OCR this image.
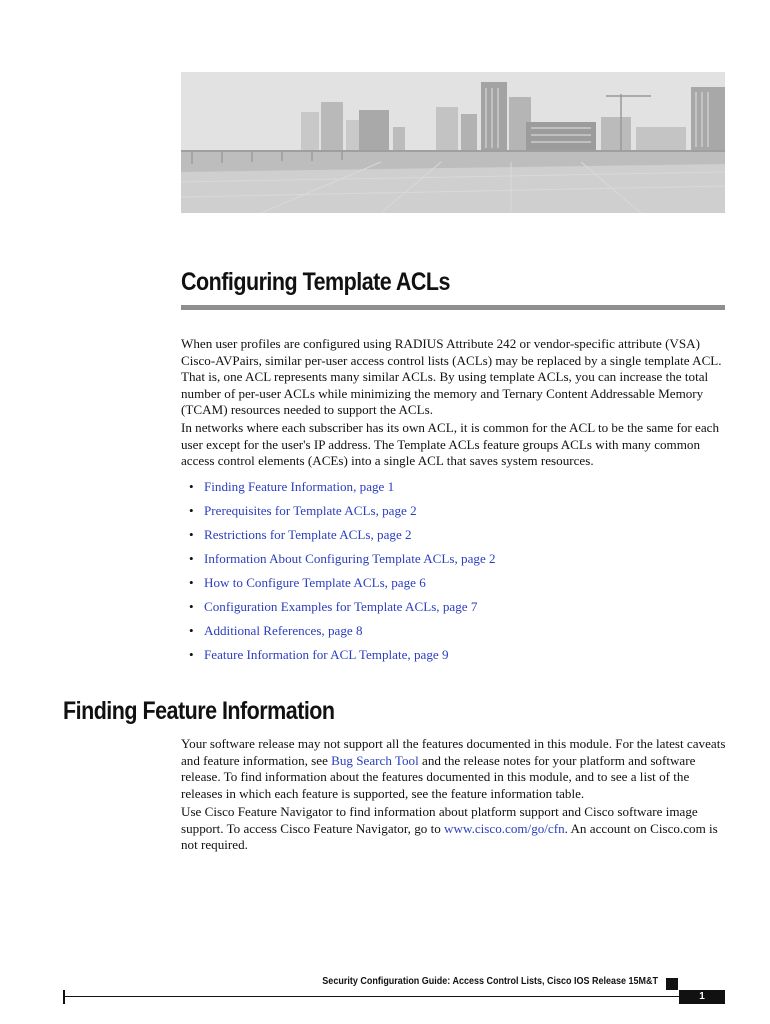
Configuring Template ACLs

When user profiles are configured using RADIUS Attribute 242 or vendor-specific attribute (VSA) Cisco-AVPairs, similar per-user access control lists (ACLs) may be replaced by a single template ACL. That is, one ACL represents many similar ACLs. By using template ACLs, you can increase the total number of per-user ACLs while minimizing the memory and Ternary Content Addressable Memory (TCAM) resources needed to support the ACLs.

In networks where each subscriber has its own ACL, it is common for the ACL to be the same for each user except for the user's IP address. The Template ACLs feature groups ACLs with many common access control elements (ACEs) into a single ACL that saves system resources.

• Finding Feature Information, page 1
• Prerequisites for Template ACLs, page 2
• Restrictions for Template ACLs, page 2
• Information About Configuring Template ACLs, page 2
• How to Configure Template ACLs, page 6
• Configuration Examples for Template ACLs, page 7
• Additional References, page 8
• Feature Information for ACL Template, page 9
Finding Feature Information

Your software release may not support all the features documented in this module. For the latest caveats and feature information, see Bug Search Tool and the release notes for your platform and software release. To find information about the features documented in this module, and to see a list of the releases in which each feature is supported, see the feature information table.

Use Cisco Feature Navigator to find information about platform support and Cisco software image support. To access Cisco Feature Navigator, go to www.cisco.com/go/cfn. An account on Cisco.com is not required.

Security Configuration Guide: Access Control Lists, Cisco IOS Release 15M&T

1
